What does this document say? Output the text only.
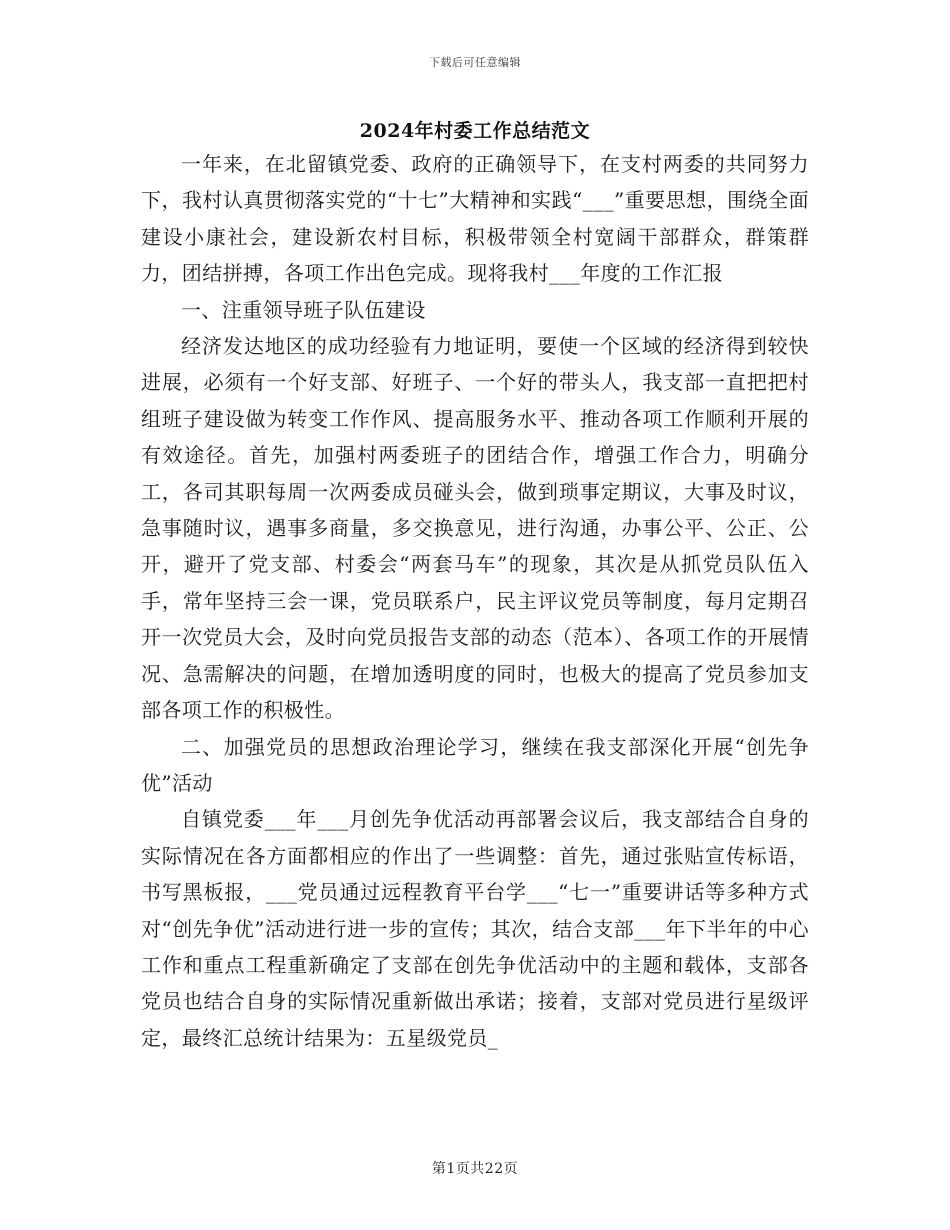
下载后可任意编辑
2024年村委工作总结范文

一年来，在北留镇党委、政府的正确领导下，在支村两委的共同努力下，我村认真贯彻落实党的“十七”大精神和实践“___”重要思想，围绕全面建设小康社会，建设新农村目标，积极带领全村宽阔干部群众，群策群力，团结拼搏，各项工作出色完成。现将我村___年度的工作汇报

一、注重领导班子队伍建设

经济发达地区的成功经验有力地证明，要使一个区域的经济得到较快进展，必须有一个好支部、好班子、一个好的带头人，我支部一直把把村组班子建设做为转变工作作风、提高服务水平、推动各项工作顺利开展的有效途径。首先，加强村两委班子的团结合作，增强工作合力，明确分工，各司其职每周一次两委成员碰头会，做到琐事定期议，大事及时议，急事随时议，遇事多商量，多交换意见，进行沟通，办事公平、公正、公开，避开了党支部、村委会“两套马车”的现象，其次是从抓党员队伍入手，常年坚持三会一课，党员联系户，民主评议党员等制度，每月定期召开一次党员大会，及时向党员报告支部的动态（范本）、各项工作的开展情况、急需解决的问题，在增加透明度的同时，也极大的提高了党员参加支部各项工作的积极性。

二、加强党员的思想政治理论学习，继续在我支部深化开展“创先争优”活动

自镇党委___年___月创先争优活动再部署会议后，我支部结合自身的实际情况在各方面都相应的作出了一些调整：首先，通过张贴宣传标语，书写黑板报，___党员通过远程教育平台学___“七一”重要讲话等多种方式对“创先争优”活动进行进一步的宣传；其次，结合支部___年下半年的中心工作和重点工程重新确定了支部在创先争优活动中的主题和载体，支部各党员也结合自身的实际情况重新做出承诺；接着，支部对党员进行星级评定，最终汇总统计结果为：五星级党员_

第1页共22页
